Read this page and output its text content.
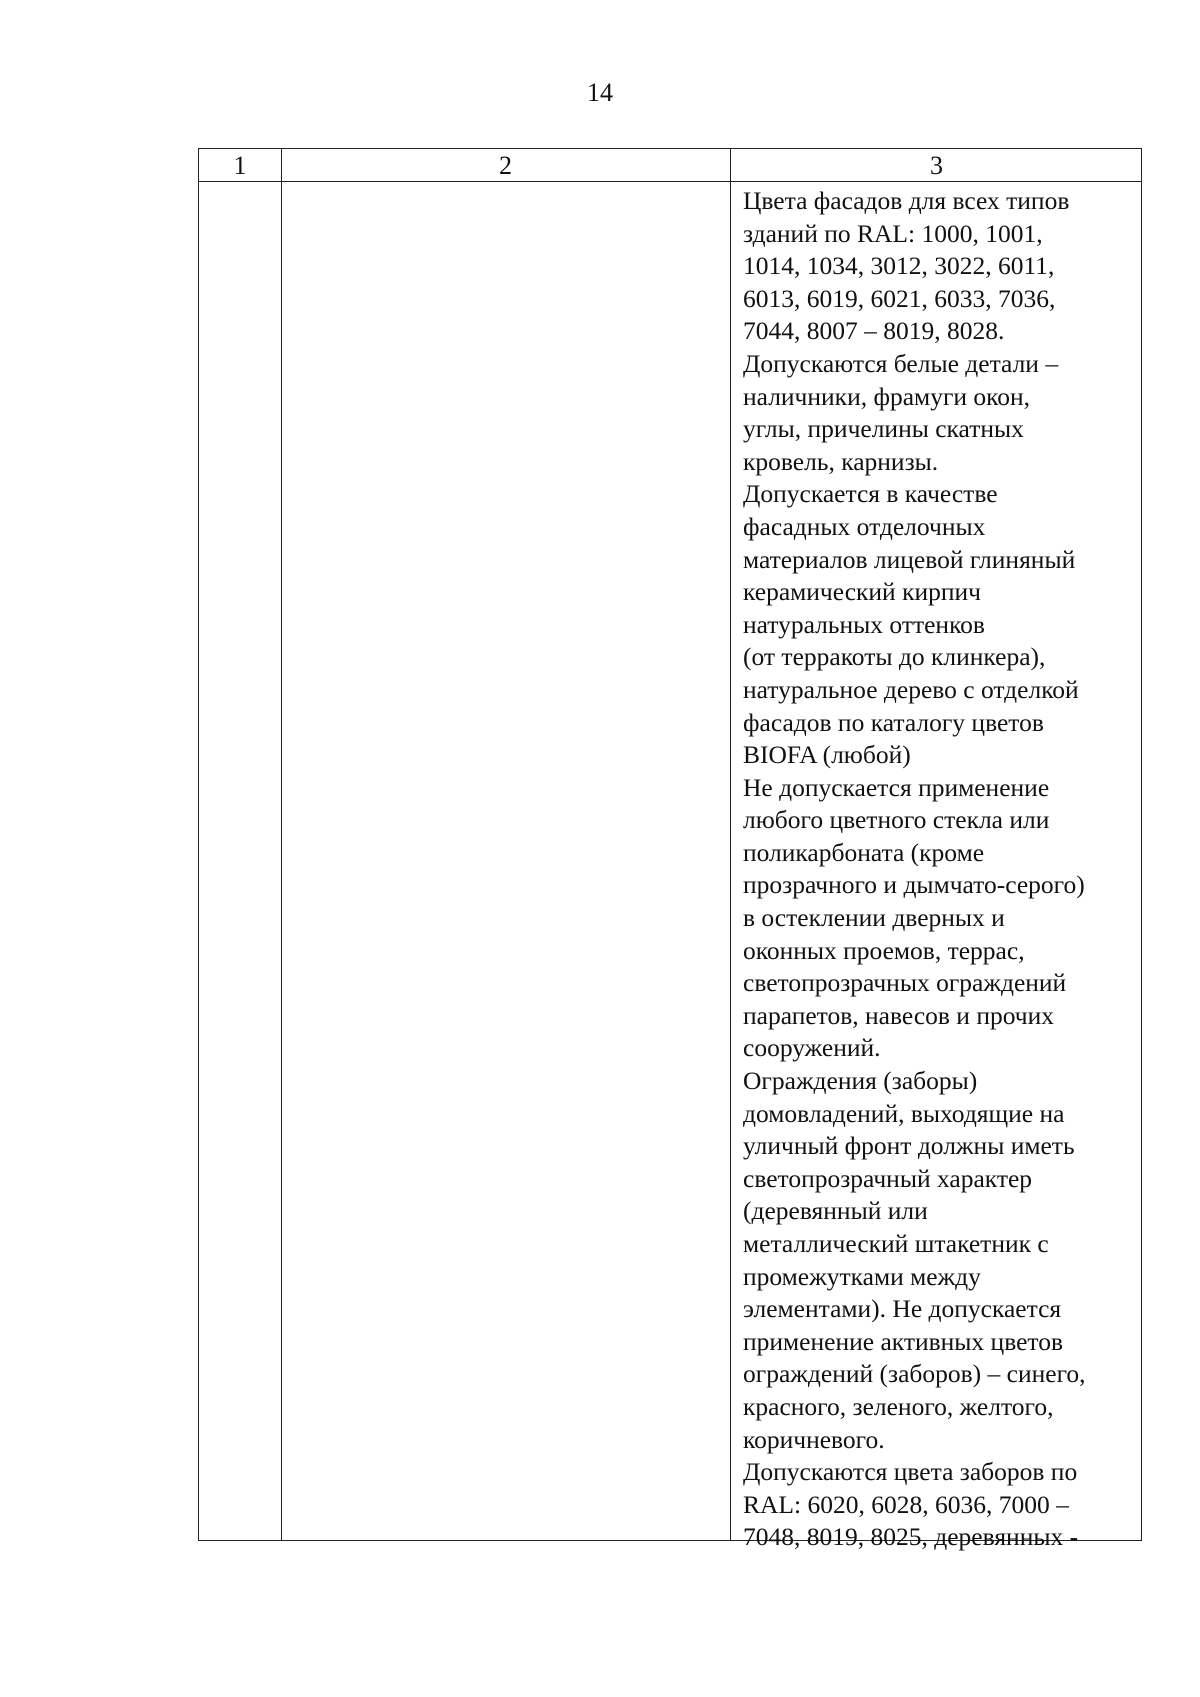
14
1	2	3
Цвета фасадов для всех типов
зданий по RAL: 1000, 1001,
1014, 1034, 3012, 3022, 6011,
6013, 6019, 6021, 6033, 7036,
7044, 8007 – 8019, 8028.
Допускаются белые детали –
наличники, фрамуги окон,
углы, причелины скатных
кровель, карнизы.
Допускается в качестве
фасадных отделочных
материалов лицевой глиняный
керамический кирпич
натуральных оттенков
(от терракоты до клинкера),
натуральное дерево с отделкой
фасадов по каталогу цветов
BIOFA (любой)
Не допускается применение
любого цветного стекла или
поликарбоната (кроме
прозрачного и дымчато-серого)
в остеклении дверных и
оконных проемов, террас,
светопрозрачных ограждений
парапетов, навесов и прочих
сооружений.
Ограждения (заборы)
домовладений, выходящие на
уличный фронт должны иметь
светопрозрачный характер
(деревянный или
металлический штакетник с
промежутками между
элементами). Не допускается
применение активных цветов
ограждений (заборов) – синего,
красного, зеленого, желтого,
коричневого.
Допускаются цвета заборов по
RAL: 6020, 6028, 6036, 7000 –
7048, 8019, 8025, деревянных -
